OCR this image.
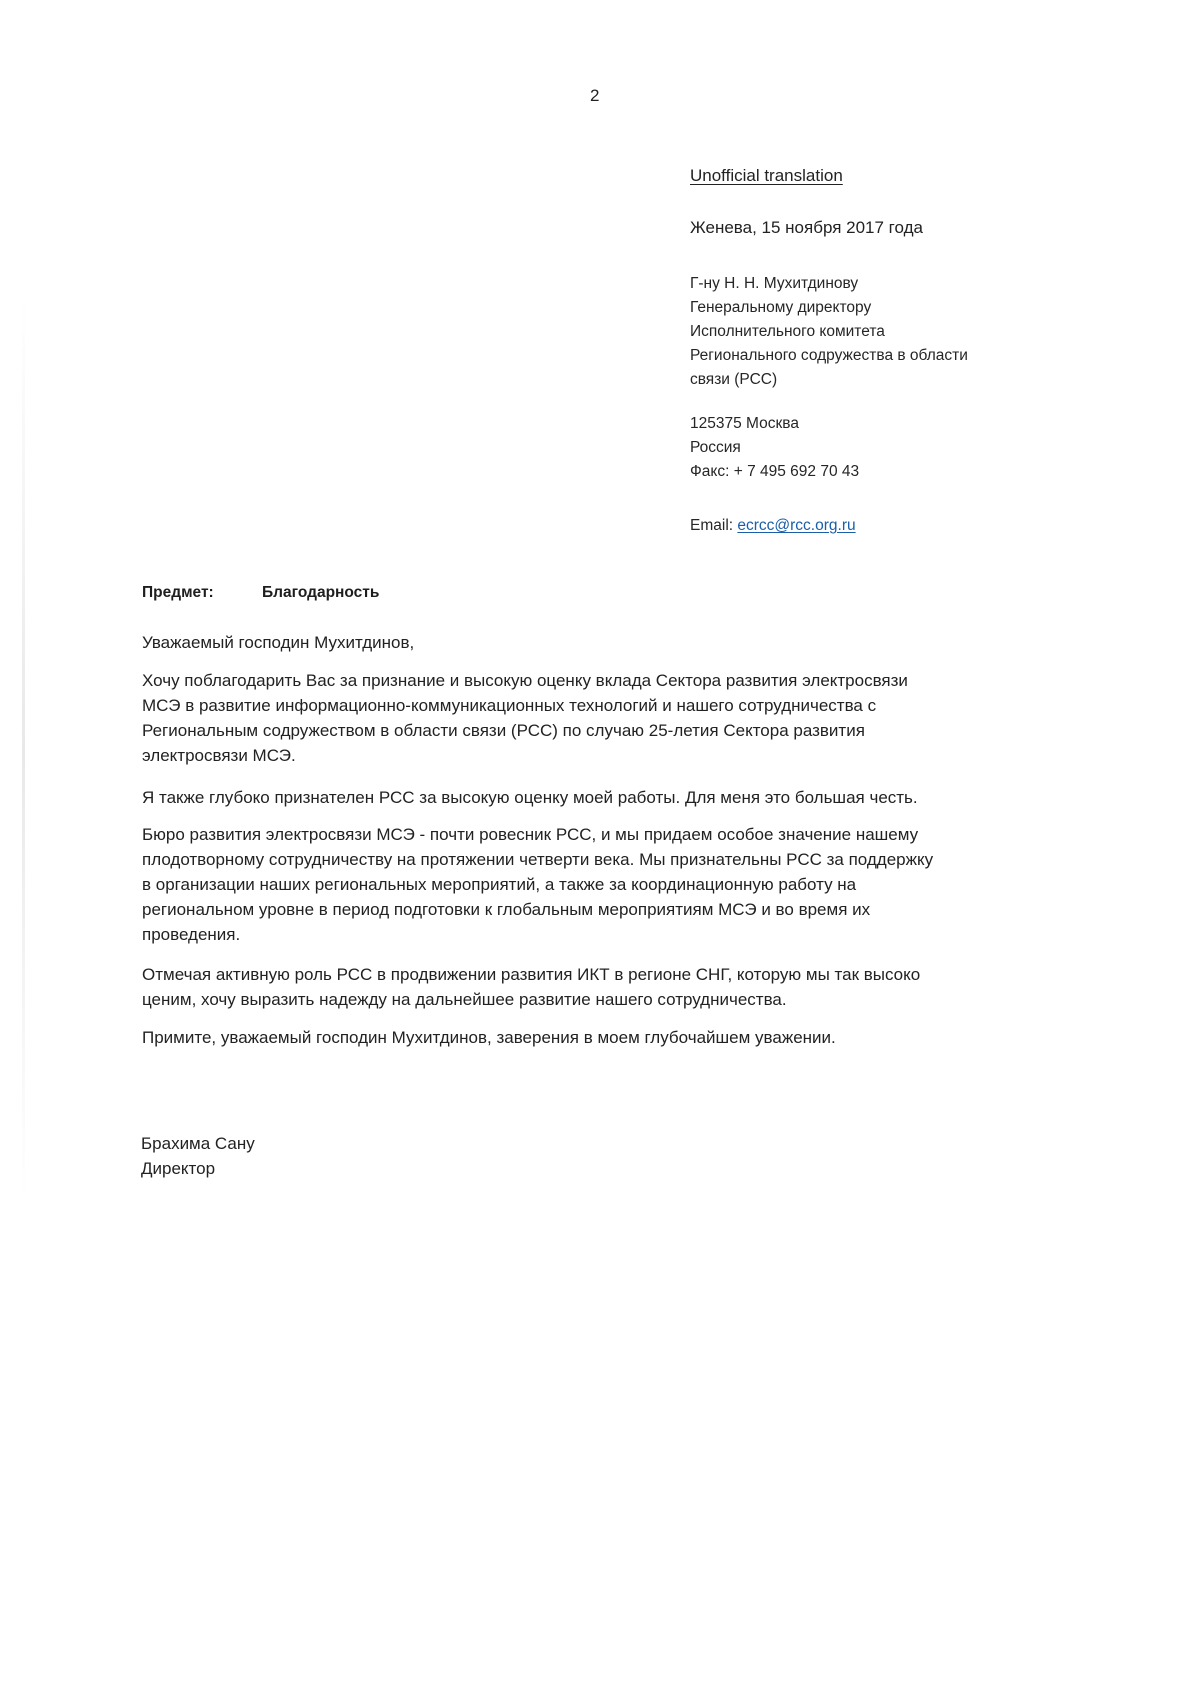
2
Unofficial translation
Женева, 15 ноября 2017 года
Г-ну Н. Н. Мухитдинову
Генеральному директору
Исполнительного комитета
Регионального содружества в области
связи (РСС)
125375 Москва
Россия
Факс: + 7 495 692 70 43
Email: ecrcc@rcc.org.ru
Предмет:	Благодарность
Уважаемый господин Мухитдинов,
Хочу поблагодарить Вас за признание и высокую оценку вклада Сектора развития электросвязи
МСЭ в развитие информационно-коммуникационных технологий и нашего сотрудничества с
Региональным содружеством в области связи (РСС) по случаю 25-летия Сектора развития
электросвязи МСЭ.
Я также глубоко признателен РСС за высокую оценку моей работы. Для меня это большая честь.
Бюро развития электросвязи МСЭ - почти ровесник РСС, и мы придаем особое значение нашему
плодотворному сотрудничеству на протяжении четверти века. Мы признательны РСС за поддержку
в организации наших региональных мероприятий, а также за координационную работу на
региональном уровне в период подготовки к глобальным мероприятиям МСЭ и во время их
проведения.
Отмечая активную роль РСС в продвижении развития ИКТ в регионе СНГ, которую мы так высоко
ценим, хочу выразить надежду на дальнейшее развитие нашего сотрудничества.
Примите, уважаемый господин Мухитдинов, заверения в моем глубочайшем уважении.
Брахима Сану
Директор
